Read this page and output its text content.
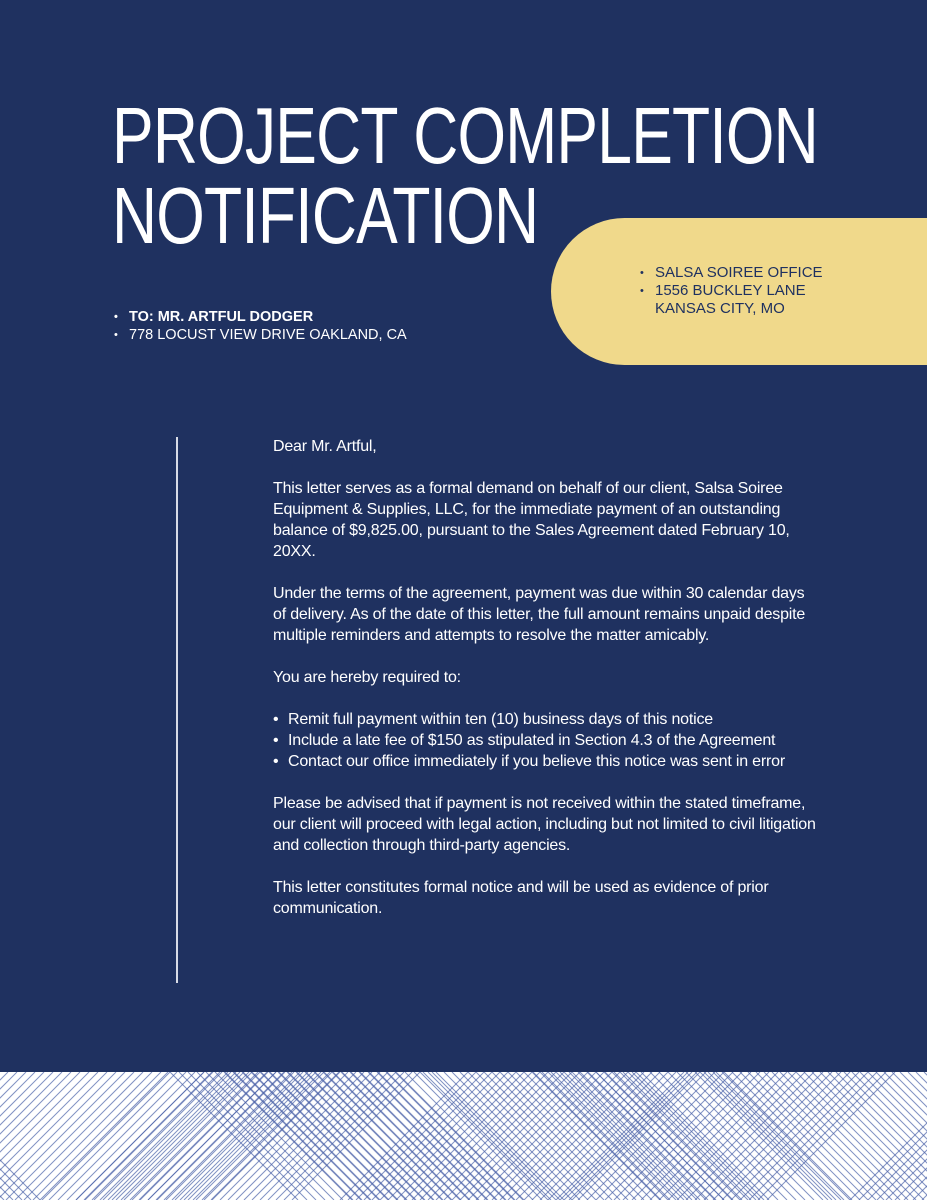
PROJECT COMPLETION
NOTIFICATION
• TO: MR. ARTFUL DODGER
• 778 LOCUST VIEW DRIVE OAKLAND, CA
• SALSA SOIREE OFFICE
• 1556 BUCKLEY LANE
KANSAS CITY, MO

Dear Mr. Artful,

This letter serves as a formal demand on behalf of our client, Salsa Soiree Equipment & Supplies, LLC, for the immediate payment of an outstanding balance of $9,825.00, pursuant to the Sales Agreement dated February 10, 20XX.

Under the terms of the agreement, payment was due within 30 calendar days of delivery. As of the date of this letter, the full amount remains unpaid despite multiple reminders and attempts to resolve the matter amicably.

You are hereby required to:

• Remit full payment within ten (10) business days of this notice
• Include a late fee of $150 as stipulated in Section 4.3 of the Agreement
• Contact our office immediately if you believe this notice was sent in error

Please be advised that if payment is not received within the stated timeframe, our client will proceed with legal action, including but not limited to civil litigation and collection through third-party agencies.

This letter constitutes formal notice and will be used as evidence of prior communication.
